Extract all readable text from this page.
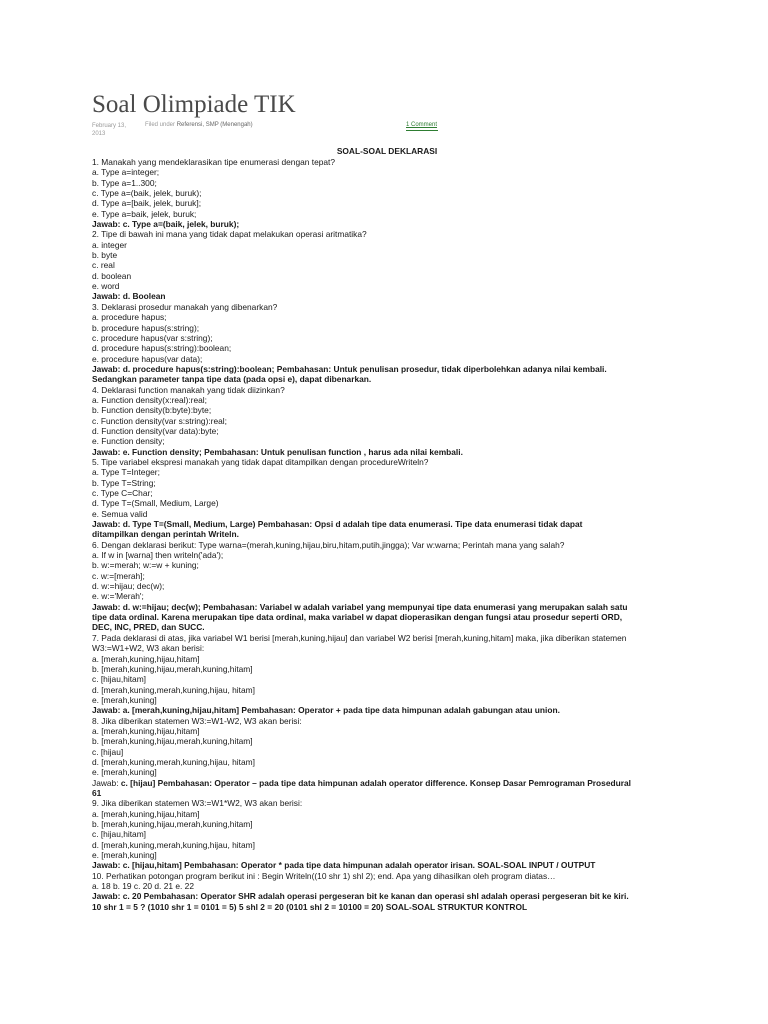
Soal Olimpiade TIK
February 13, 2013
Filed under Referensi, SMP (Menengah)	1 Comment
SOAL-SOAL DEKLARASI
1. Manakah yang mendeklarasikan tipe enumerasi dengan tepat?
a. Type a=integer;
b. Type a=1..300;
c. Type a=(baik, jelek, buruk);
d. Type a=[baik, jelek, buruk];
e. Type a=baik, jelek, buruk;
Jawab: c. Type a=(baik, jelek, buruk);
2. Tipe di bawah ini mana yang tidak dapat melakukan operasi aritmatika?
a. integer
b. byte
c. real
d. boolean
e. word
Jawab: d. Boolean
3. Deklarasi prosedur manakah yang dibenarkan?
a. procedure hapus;
b. procedure hapus(s:string);
c. procedure hapus(var s:string);
d. procedure hapus(s:string):boolean;
e. procedure hapus(var data);
Jawab: d. procedure hapus(s:string):boolean; Pembahasan: Untuk penulisan prosedur, tidak diperbolehkan adanya nilai kembali.
Sedangkan parameter tanpa tipe data (pada opsi e), dapat dibenarkan.
4. Deklarasi function manakah yang tidak diizinkan?
a. Function density(x:real):real;
b. Function density(b:byte):byte;
c. Function density(var s:string):real;
d. Function density(var data):byte;
e. Function density;
Jawab: e. Function density; Pembahasan: Untuk penulisan function , harus ada nilai kembali.
5. Tipe variabel ekspresi manakah yang tidak dapat ditampilkan dengan procedureWriteln?
a. Type T=Integer;
b. Type T=String;
c. Type C=Char;
d. Type T=(Small, Medium, Large)
e. Semua valid
Jawab: d. Type T=(Small, Medium, Large) Pembahasan: Opsi d adalah tipe data enumerasi. Tipe data enumerasi tidak dapat
ditampilkan dengan perintah Writeln.
6. Dengan deklarasi berikut: Type warna=(merah,kuning,hijau,biru,hitam,putih,jingga); Var w:warna; Perintah mana yang salah?
a. If w in [warna] then writeln('ada');
b. w:=merah; w:=w + kuning;
c. w:=[merah];
d. w:=hijau; dec(w);
e. w:='Merah';
Jawab: d. w:=hijau; dec(w); Pembahasan: Variabel w adalah variabel yang mempunyai tipe data enumerasi yang merupakan salah satu
tipe data ordinal. Karena merupakan tipe data ordinal, maka variabel w dapat dioperasikan dengan fungsi atau prosedur seperti ORD,
DEC, INC, PRED, dan SUCC.
7. Pada deklarasi di atas, jika variabel W1 berisi [merah,kuning,hijau] dan variabel W2 berisi [merah,kuning,hitam] maka, jika diberikan statemen
W3:=W1+W2, W3 akan berisi:
a. [merah,kuning,hijau,hitam]
b. [merah,kuning,hijau,merah,kuning,hitam]
c. [hijau,hitam]
d. [merah,kuning,merah,kuning,hijau, hitam]
e. [merah,kuning]
Jawab: a. [merah,kuning,hijau,hitam] Pembahasan: Operator + pada tipe data himpunan adalah gabungan atau union.
8. Jika diberikan statemen W3:=W1-W2, W3 akan berisi:
a. [merah,kuning,hijau,hitam]
b. [merah,kuning,hijau,merah,kuning,hitam]
c. [hijau]
d. [merah,kuning,merah,kuning,hijau, hitam]
e. [merah,kuning]
Jawab: c. [hijau] Pembahasan: Operator – pada tipe data himpunan adalah operator difference. Konsep Dasar Pemrograman Prosedural
61
9. Jika diberikan statemen W3:=W1*W2, W3 akan berisi:
a. [merah,kuning,hijau,hitam]
b. [merah,kuning,hijau,merah,kuning,hitam]
c. [hijau,hitam]
d. [merah,kuning,merah,kuning,hijau, hitam]
e. [merah,kuning]
Jawab: c. [hijau,hitam] Pembahasan: Operator * pada tipe data himpunan adalah operator irisan. SOAL-SOAL INPUT / OUTPUT
10. Perhatikan potongan program berikut ini : Begin Writeln((10 shr 1) shl 2); end. Apa yang dihasilkan oleh program diatas…
a. 18 b. 19 c. 20 d. 21 e. 22
Jawab: c. 20 Pembahasan: Operator SHR adalah operasi pergeseran bit ke kanan dan operasi shl adalah operasi pergeseran bit ke kiri.
10 shr 1 = 5 ? (1010 shr 1 = 0101 = 5) 5 shl 2 = 20 (0101 shl 2 = 10100 = 20) SOAL-SOAL STRUKTUR KONTROL
